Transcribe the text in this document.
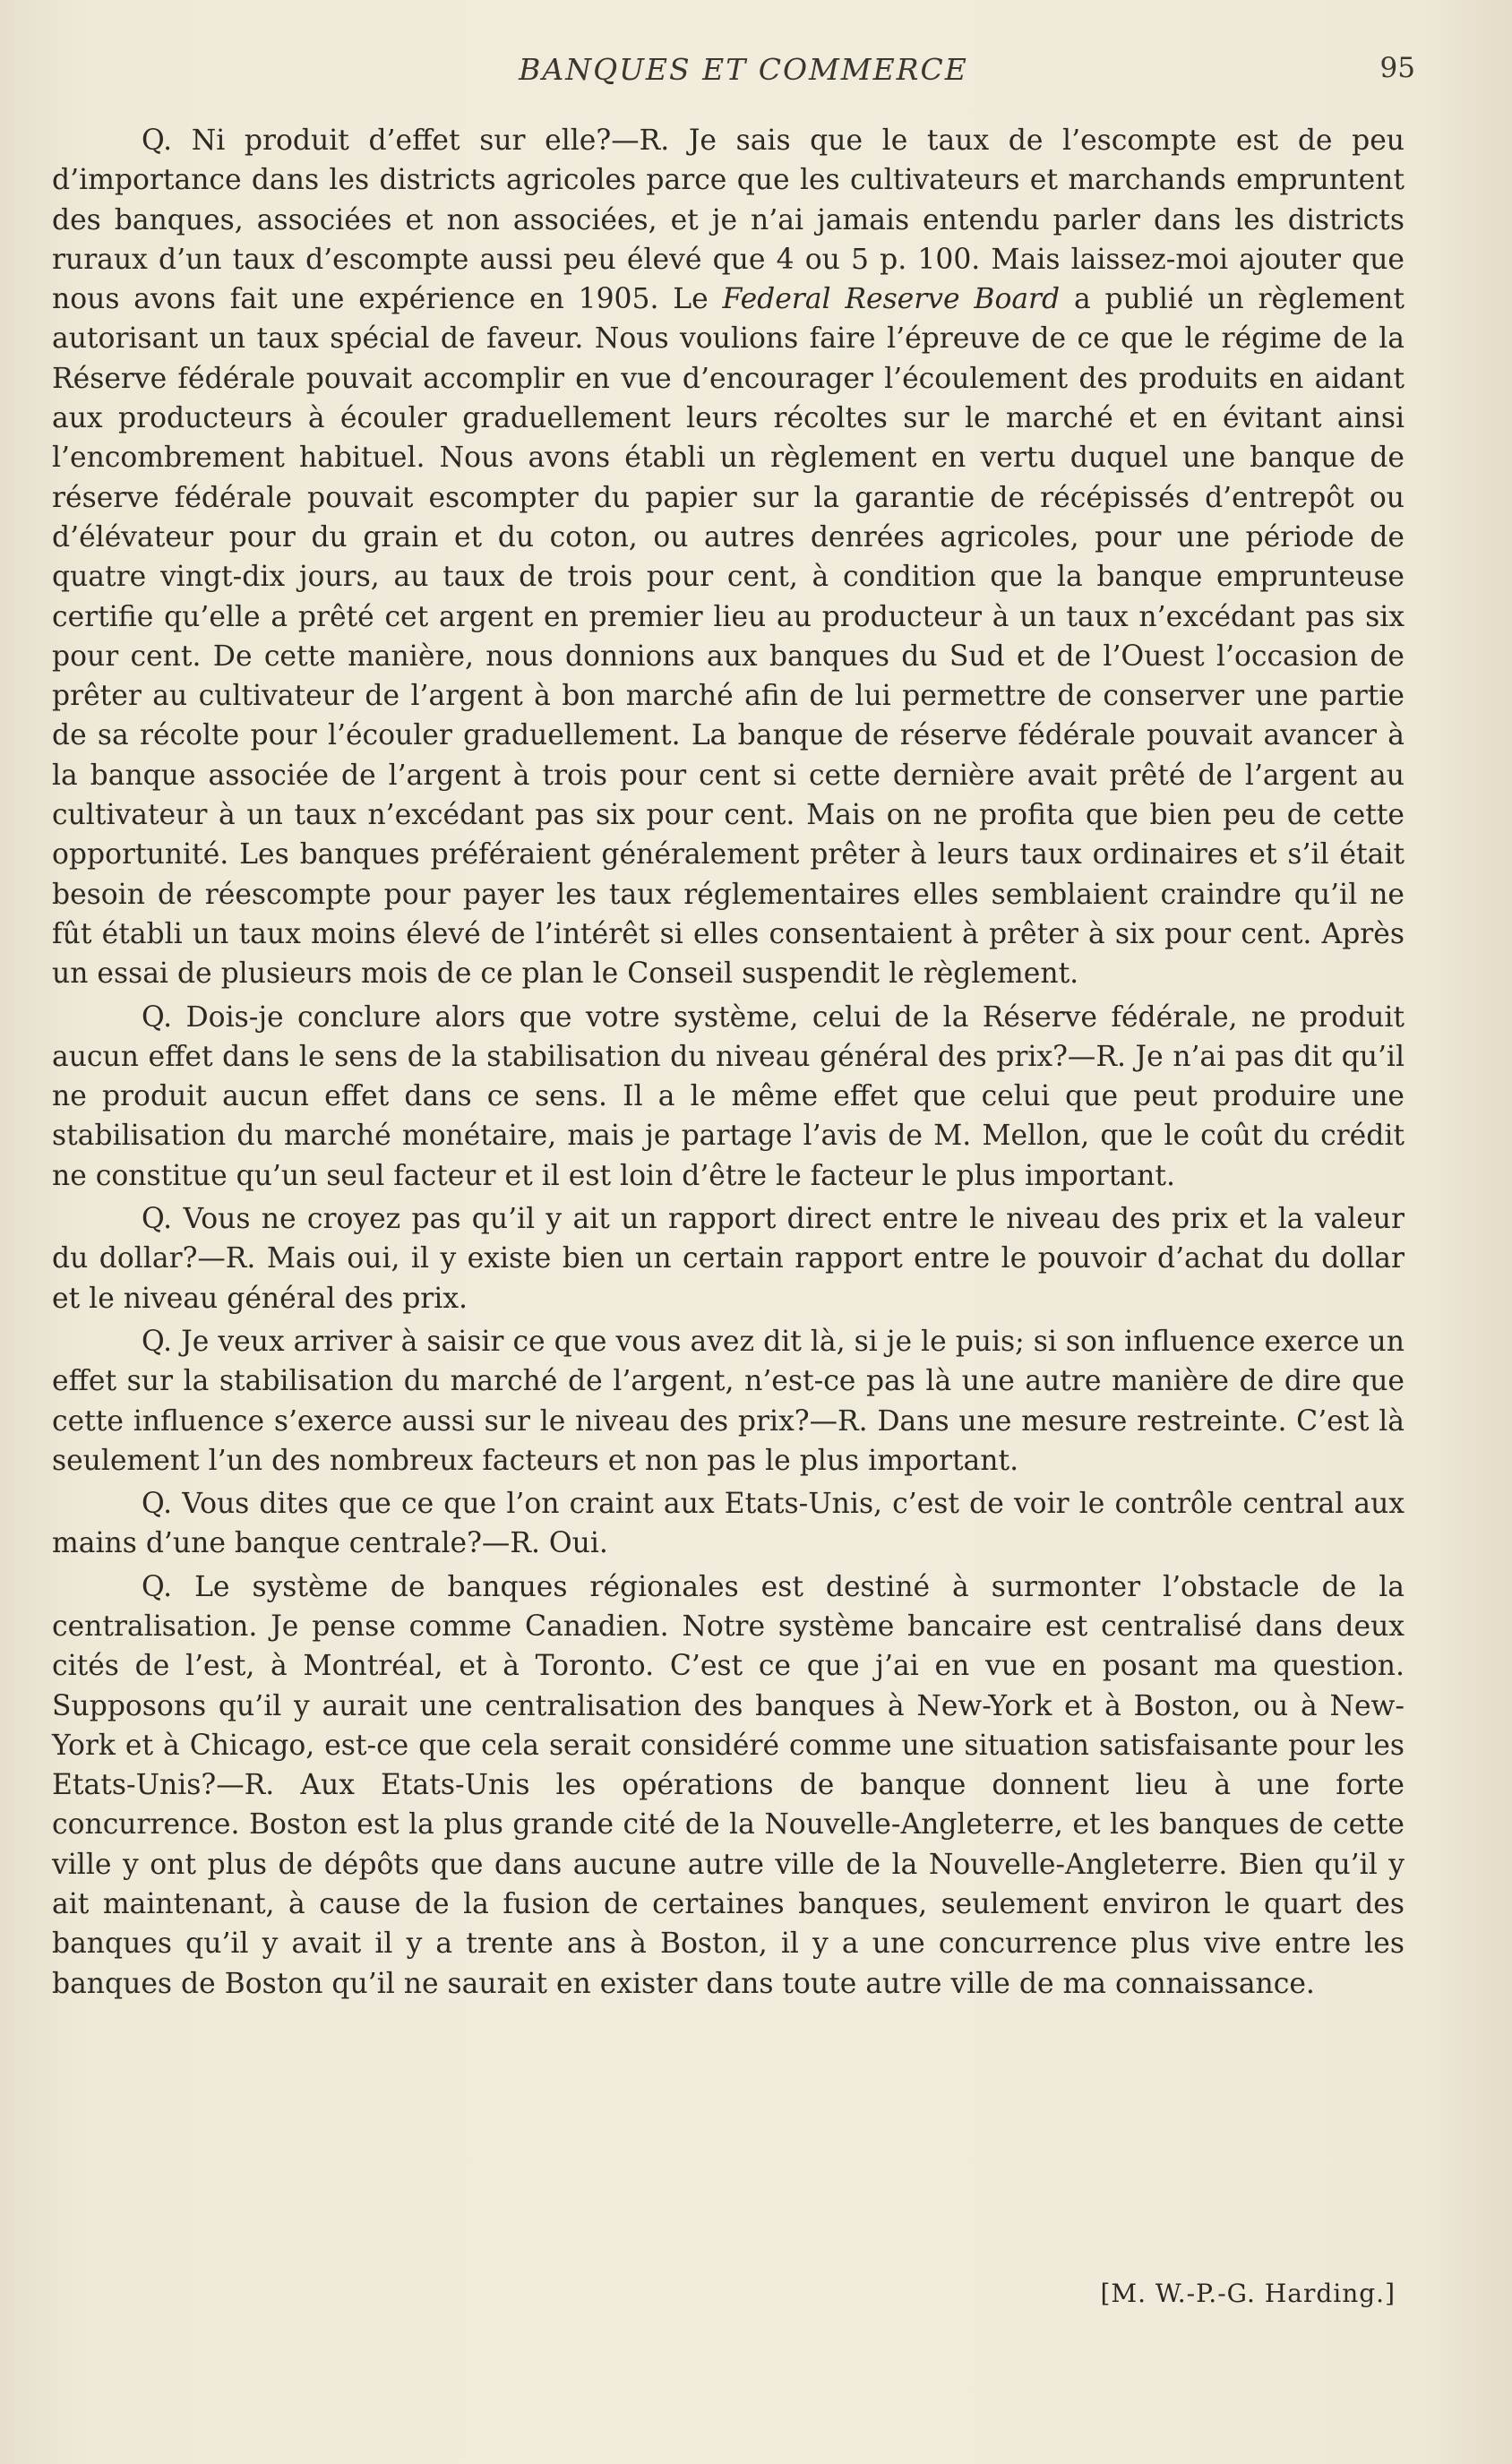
BANQUES ET COMMERCE	95

Q. Ni produit d’effet sur elle?—R. Je sais que le taux de l’escompte est de peu d’importance dans les districts agricoles parce que les cultivateurs et marchands empruntent des banques, associées et non associées, et je n’ai jamais entendu parler dans les districts ruraux d’un taux d’escompte aussi peu élevé que 4 ou 5 p. 100. Mais laissez-moi ajouter que nous avons fait une expérience en 1905. Le Federal Reserve Board a publié un règlement autorisant un taux spécial de faveur. Nous voulions faire l’épreuve de ce que le régime de la Réserve fédérale pouvait accomplir en vue d’encourager l’écoulement des produits en aidant aux producteurs à écouler graduellement leurs récoltes sur le marché et en évitant ainsi l’encombrement habituel. Nous avons établi un règlement en vertu duquel une banque de réserve fédérale pouvait escompter du papier sur la garantie de récépissés d’entrepôt ou d’élévateur pour du grain et du coton, ou autres denrées agricoles, pour une période de quatre vingt-dix jours, au taux de trois pour cent, à condition que la banque emprunteuse certifie qu’elle a prêté cet argent en premier lieu au producteur à un taux n’excédant pas six pour cent. De cette manière, nous donnions aux banques du Sud et de l’Ouest l’occasion de prêter au cultivateur de l’argent à bon marché afin de lui permettre de conserver une partie de sa récolte pour l’écouler graduellement. La banque de réserve fédérale pouvait avancer à la banque associée de l’argent à trois pour cent si cette dernière avait prêté de l’argent au cultivateur à un taux n’excédant pas six pour cent. Mais on ne profita que bien peu de cette opportunité. Les banques préféraient généralement prêter à leurs taux ordinaires et s’il était besoin de réescompte pour payer les taux réglementaires elles semblaient craindre qu’il ne fût établi un taux moins élevé de l’intérêt si elles consentaient à prêter à six pour cent. Après un essai de plusieurs mois de ce plan le Conseil suspendit le règlement.

Q. Dois-je conclure alors que votre système, celui de la Réserve fédérale, ne produit aucun effet dans le sens de la stabilisation du niveau général des prix?—R. Je n’ai pas dit qu’il ne produit aucun effet dans ce sens. Il a le même effet que celui que peut produire une stabilisation du marché monétaire, mais je partage l’avis de M. Mellon, que le coût du crédit ne constitue qu’un seul facteur et il est loin d’être le facteur le plus important.

Q. Vous ne croyez pas qu’il y ait un rapport direct entre le niveau des prix et la valeur du dollar?—R. Mais oui, il y existe bien un certain rapport entre le pouvoir d’achat du dollar et le niveau général des prix.

Q. Je veux arriver à saisir ce que vous avez dit là, si je le puis; si son influence exerce un effet sur la stabilisation du marché de l’argent, n’est-ce pas là une autre manière de dire que cette influence s’exerce aussi sur le niveau des prix?—R. Dans une mesure restreinte. C’est là seulement l’un des nombreux facteurs et non pas le plus important.

Q. Vous dites que ce que l’on craint aux Etats-Unis, c’est de voir le contrôle central aux mains d’une banque centrale?—R. Oui.

Q. Le système de banques régionales est destiné à surmonter l’obstacle de la centralisation. Je pense comme Canadien. Notre système bancaire est centralisé dans deux cités de l’est, à Montréal, et à Toronto. C’est ce que j’ai en vue en posant ma question. Supposons qu’il y aurait une centralisation des banques à New-York et à Boston, ou à New-York et à Chicago, est-ce que cela serait considéré comme une situation satisfaisante pour les Etats-Unis?—R. Aux Etats-Unis les opérations de banque donnent lieu à une forte concurrence. Boston est la plus grande cité de la Nouvelle-Angleterre, et les banques de cette ville y ont plus de dépôts que dans aucune autre ville de la Nouvelle-Angleterre. Bien qu’il y ait maintenant, à cause de la fusion de certaines banques, seulement environ le quart des banques qu’il y avait il y a trente ans à Boston, il y a une concurrence plus vive entre les banques de Boston qu’il ne saurait en exister dans toute autre ville de ma connaissance.

[M. W.-P.-G. Harding.]
